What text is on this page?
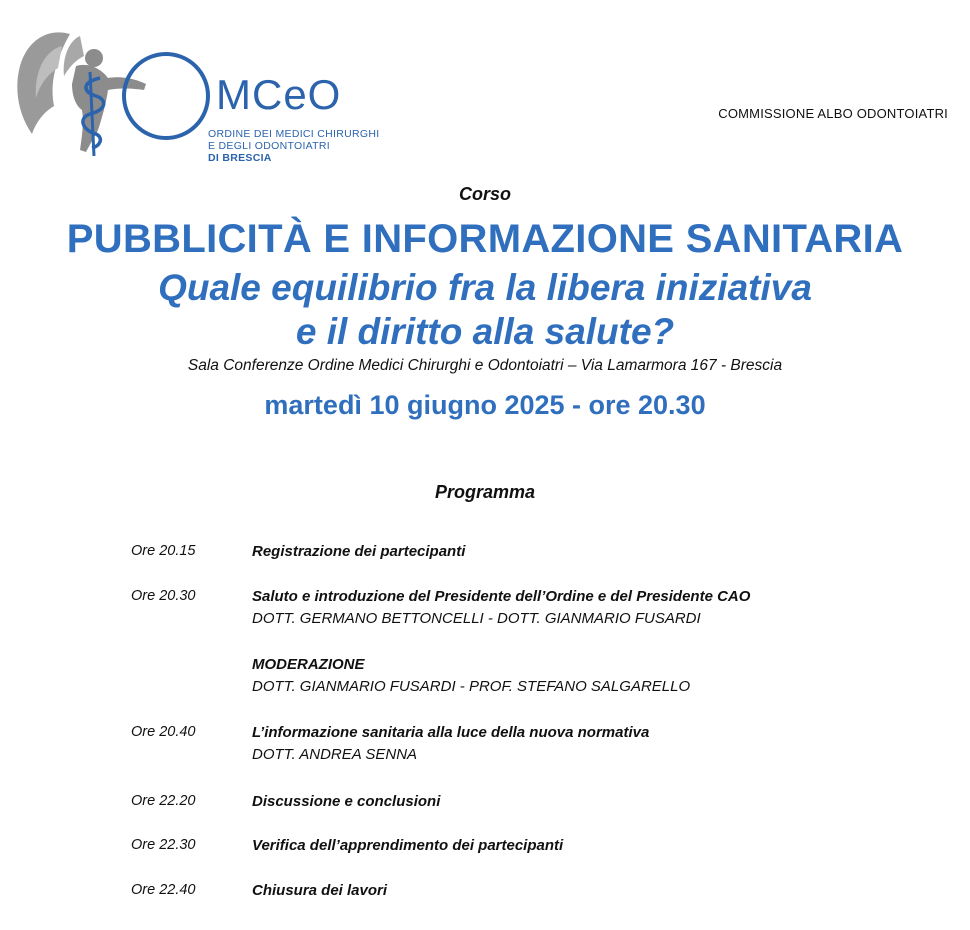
MCeO
ORDINE DEI MEDICI CHIRURGHI
E DEGLI ODONTOIATRI
DI BRESCIA
COMMISSIONE ALBO ODONTOIATRI
Corso
PUBBLICITÀ E INFORMAZIONE SANITARIA
Quale equilibrio fra la libera iniziativa
e il diritto alla salute?
Sala Conferenze Ordine Medici Chirurghi e Odontoiatri – Via Lamarmora 167 - Brescia
martedì 10 giugno 2025 - ore 20.30
Programma
Ore 20.15	Registrazione dei partecipanti
Ore 20.30	Saluto e introduzione del Presidente dell’Ordine e del Presidente CAO
DOTT. GERMANO BETTONCELLI - DOTT. GIANMARIO FUSARDI
MODERAZIONE
DOTT. GIANMARIO FUSARDI - PROF. STEFANO SALGARELLO
Ore 20.40	L’informazione sanitaria alla luce della nuova normativa
DOTT. ANDREA SENNA
Ore 22.20	Discussione e conclusioni
Ore 22.30	Verifica dell’apprendimento dei partecipanti
Ore 22.40	Chiusura dei lavori
